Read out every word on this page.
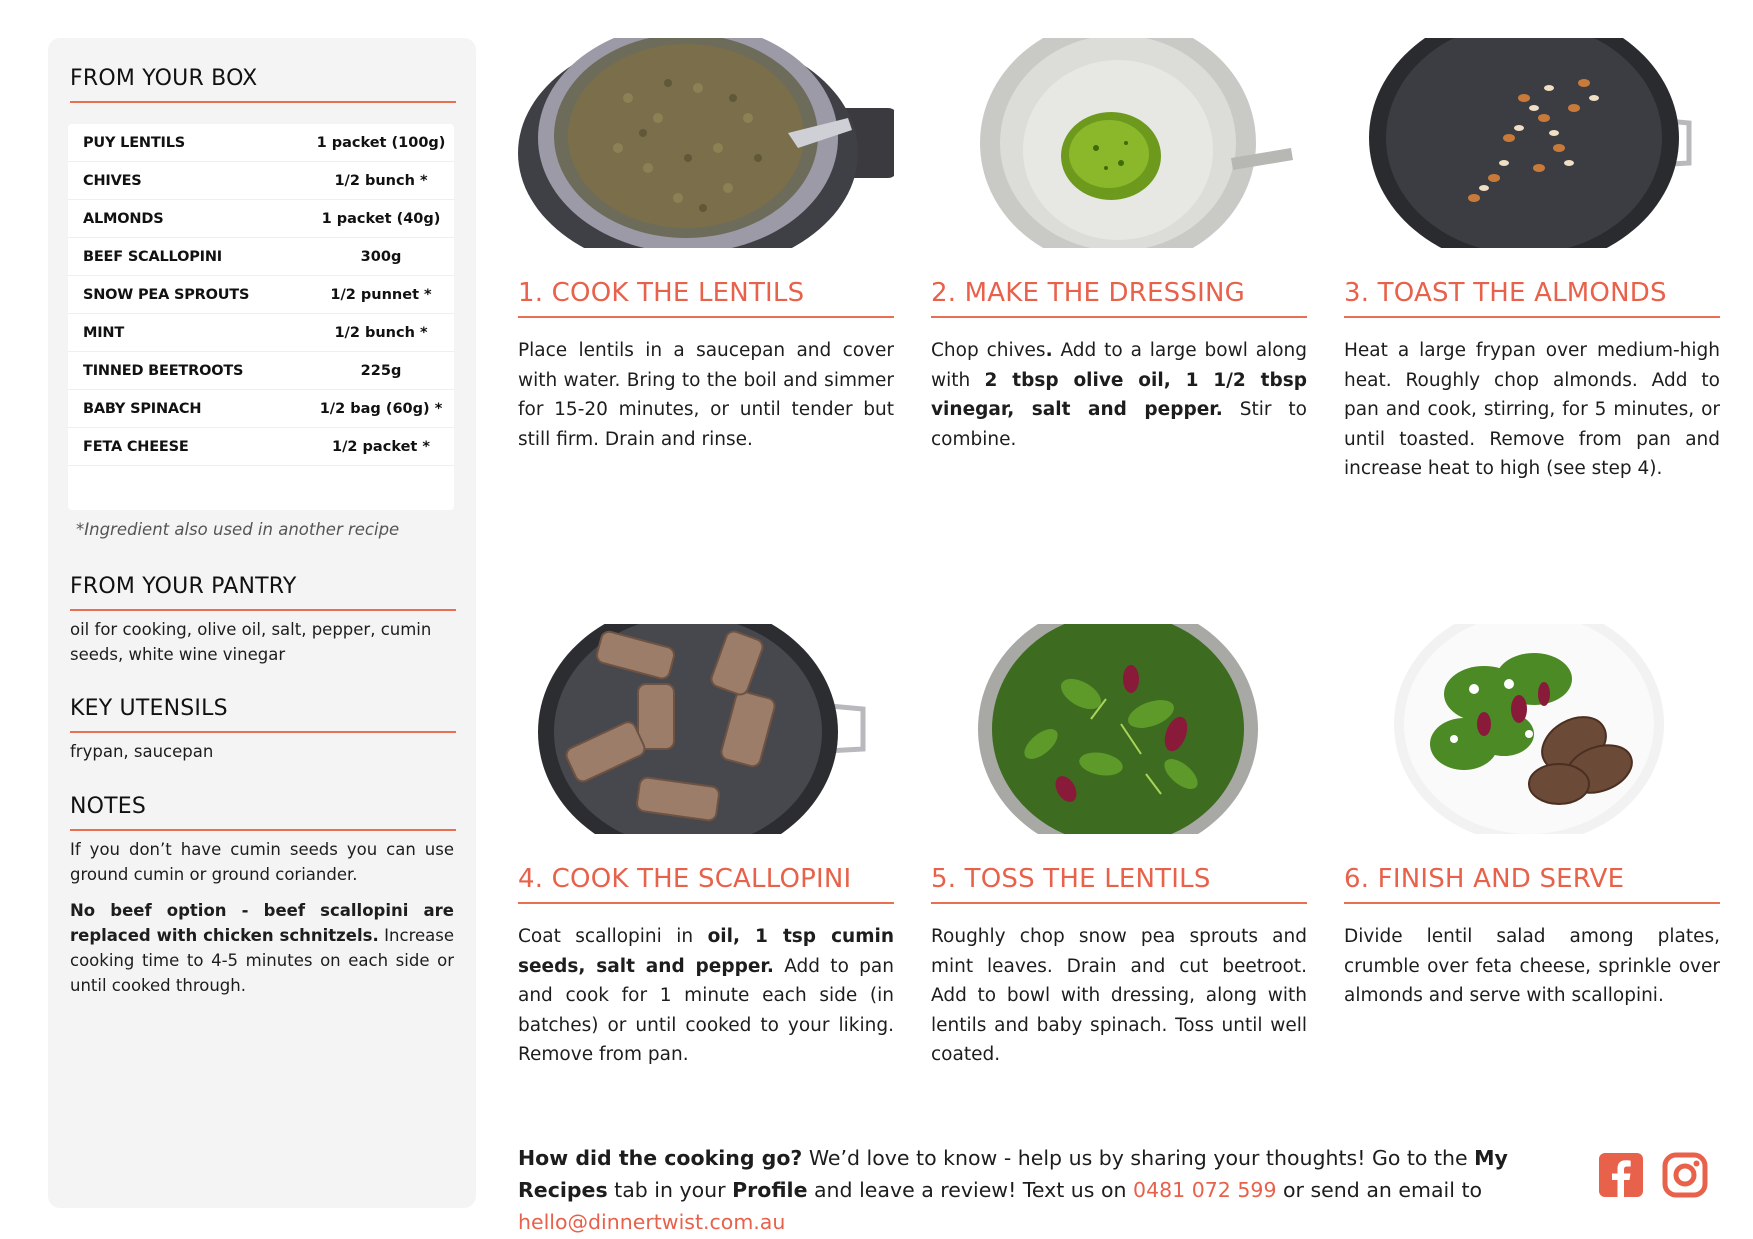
FROM YOUR BOX
PUY LENTILS	1 packet (100g)
CHIVES	1/2 bunch *
ALMONDS	1 packet (40g)
BEEF SCALLOPINI	300g
SNOW PEA SPROUTS	1/2 punnet *
MINT	1/2 bunch *
TINNED BEETROOTS	225g
BABY SPINACH	1/2 bag (60g) *
FETA CHEESE	1/2 packet *
*Ingredient also used in another recipe
FROM YOUR PANTRY
oil for cooking, olive oil, salt, pepper, cumin seeds, white wine vinegar
KEY UTENSILS
frypan, saucepan
NOTES
If you don’t have cumin seeds you can use ground cumin or ground coriander.
No beef option - beef scallopini are replaced with chicken schnitzels. Increase cooking time to 4-5 minutes on each side or until cooked through.
1. COOK THE LENTILS
Place lentils in a saucepan and cover with water. Bring to the boil and simmer for 15-20 minutes, or until tender but still firm. Drain and rinse.
2. MAKE THE DRESSING
Chop chives. Add to a large bowl along with 2 tbsp olive oil, 1 1/2 tbsp vinegar, salt and pepper. Stir to combine.
3. TOAST THE ALMONDS
Heat a large frypan over medium-high heat. Roughly chop almonds. Add to pan and cook, stirring, for 5 minutes, or until toasted. Remove from pan and increase heat to high (see step 4).
4. COOK THE SCALLOPINI
Coat scallopini in oil, 1 tsp cumin seeds, salt and pepper. Add to pan and cook for 1 minute each side (in batches) or until cooked to your liking. Remove from pan.
5. TOSS THE LENTILS
Roughly chop snow pea sprouts and mint leaves. Drain and cut beetroot. Add to bowl with dressing, along with lentils and baby spinach. Toss until well coated.
6. FINISH AND SERVE
Divide lentil salad among plates, crumble over feta cheese, sprinkle over almonds and serve with scallopini.
How did the cooking go? We’d love to know - help us by sharing your thoughts! Go to the My Recipes tab in your Profile and leave a review! Text us on 0481 072 599 or send an email to hello@dinnertwist.com.au
